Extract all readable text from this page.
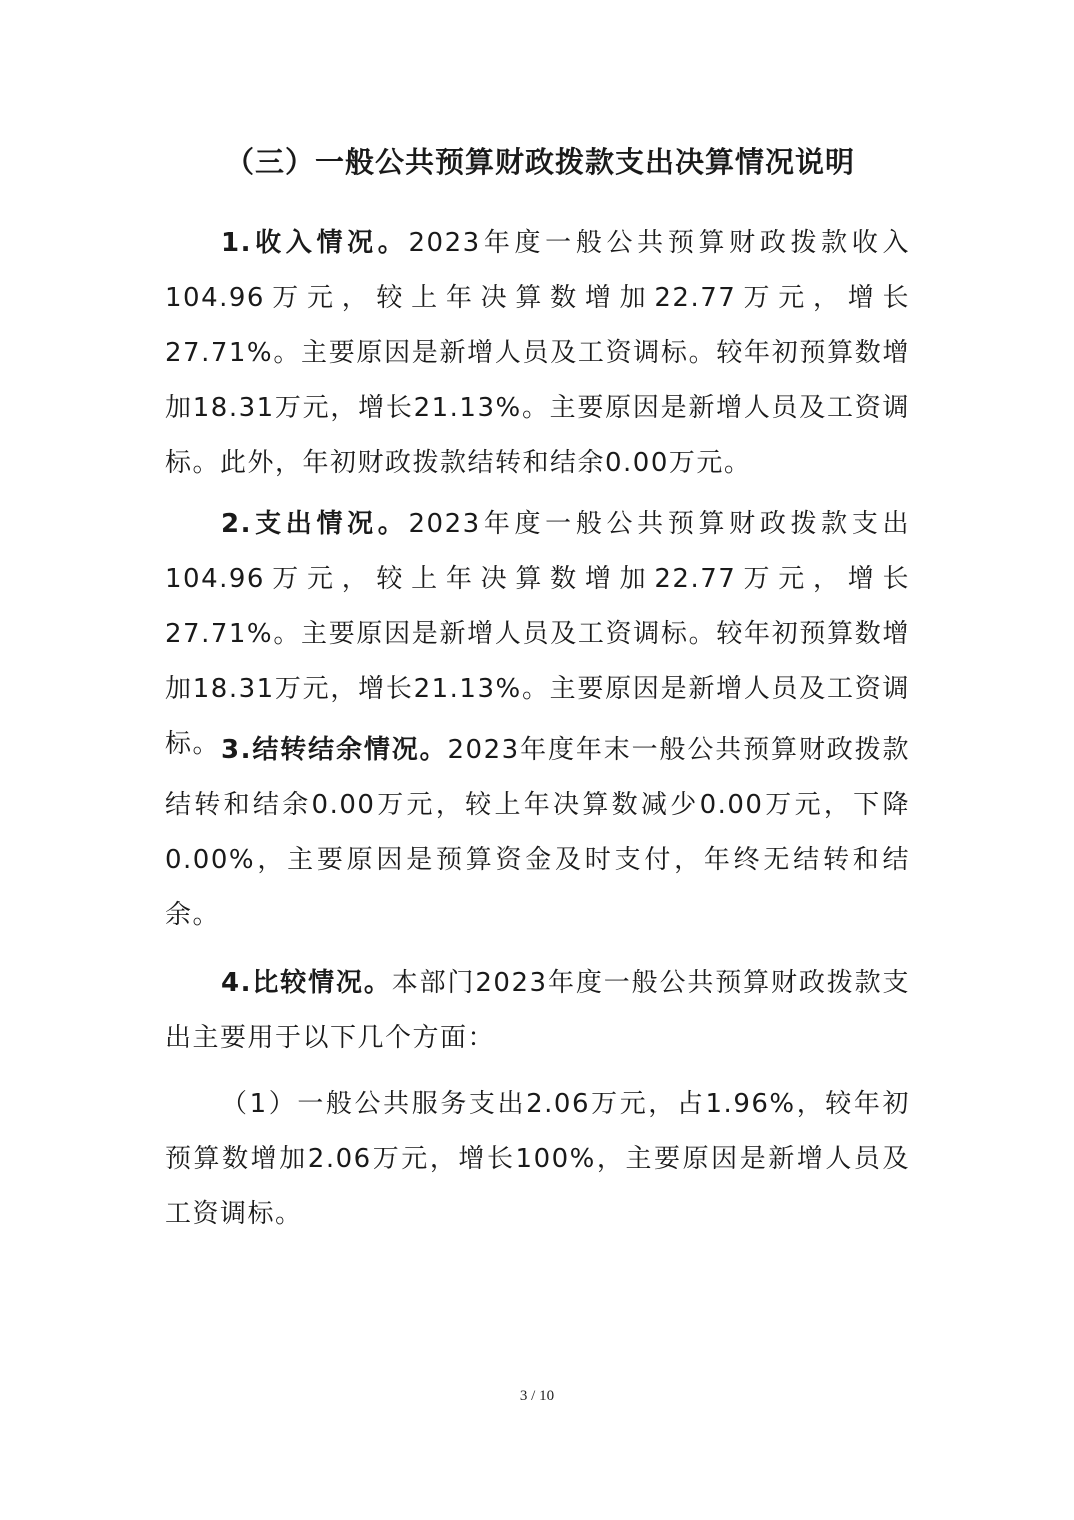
（三）一般公共预算财政拨款支出决算情况说明

1.收入情况。2023年度一般公共预算财政拨款收入104.96万元，较上年决算数增加22.77万元，增长27.71%。主要原因是新增人员及工资调标。较年初预算数增加18.31万元，增长21.13%。主要原因是新增人员及工资调标。此外，年初财政拨款结转和结余0.00万元。

2.支出情况。2023年度一般公共预算财政拨款支出104.96万元，较上年决算数增加22.77万元，增长27.71%。主要原因是新增人员及工资调标。较年初预算数增加18.31万元，增长21.13%。主要原因是新增人员及工资调标。 3.结转结余情况。2023年度年末一般公共预算财政拨款结转和结余0.00万元，较上年决算数减少0.00万元，下降0.00%，主要原因是预算资金及时支付，年终无结转和结余。

4.比较情况。本部门2023年度一般公共预算财政拨款支出主要用于以下几个方面：

（1）一般公共服务支出2.06万元，占1.96%，较年初预算数增加2.06万元，增长100%，主要原因是新增人员及工资调标。

3 / 10
